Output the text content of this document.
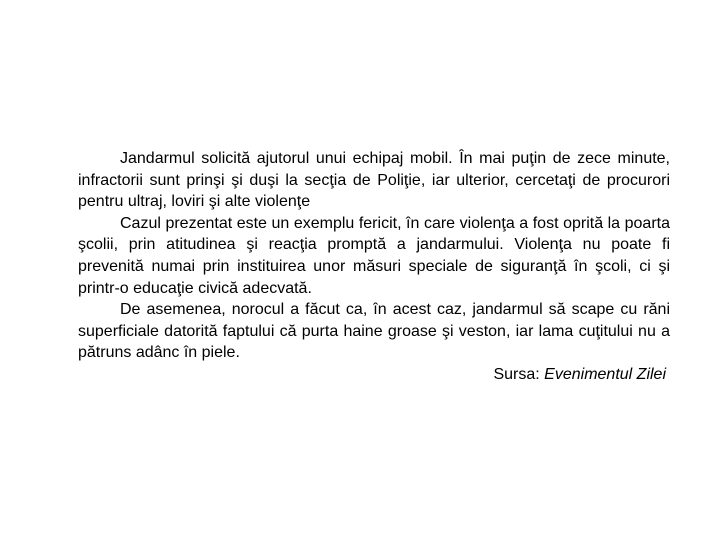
Jandarmul solicită ajutorul unui echipaj mobil. În mai puţin de zece minute, infractorii sunt prinşi şi duşi la secţia de Poliţie, iar ulterior, cercetaţi de procurori pentru ultraj, loviri şi alte violenţe

Cazul prezentat este un exemplu fericit, în care violenţa a fost oprită la poarta şcolii, prin atitudinea şi reacţia promptă a jandarmului. Violenţa nu poate fi prevenită numai prin instituirea unor măsuri speciale de siguranţă în şcoli, ci şi printr-o educaţie civică adecvată.

De asemenea, norocul a făcut ca, în acest caz, jandarmul să scape cu răni superficiale datorită faptului că purta haine groase şi veston, iar lama cuţitului nu a pătruns adânc în piele.

Sursa: Evenimentul Zilei
